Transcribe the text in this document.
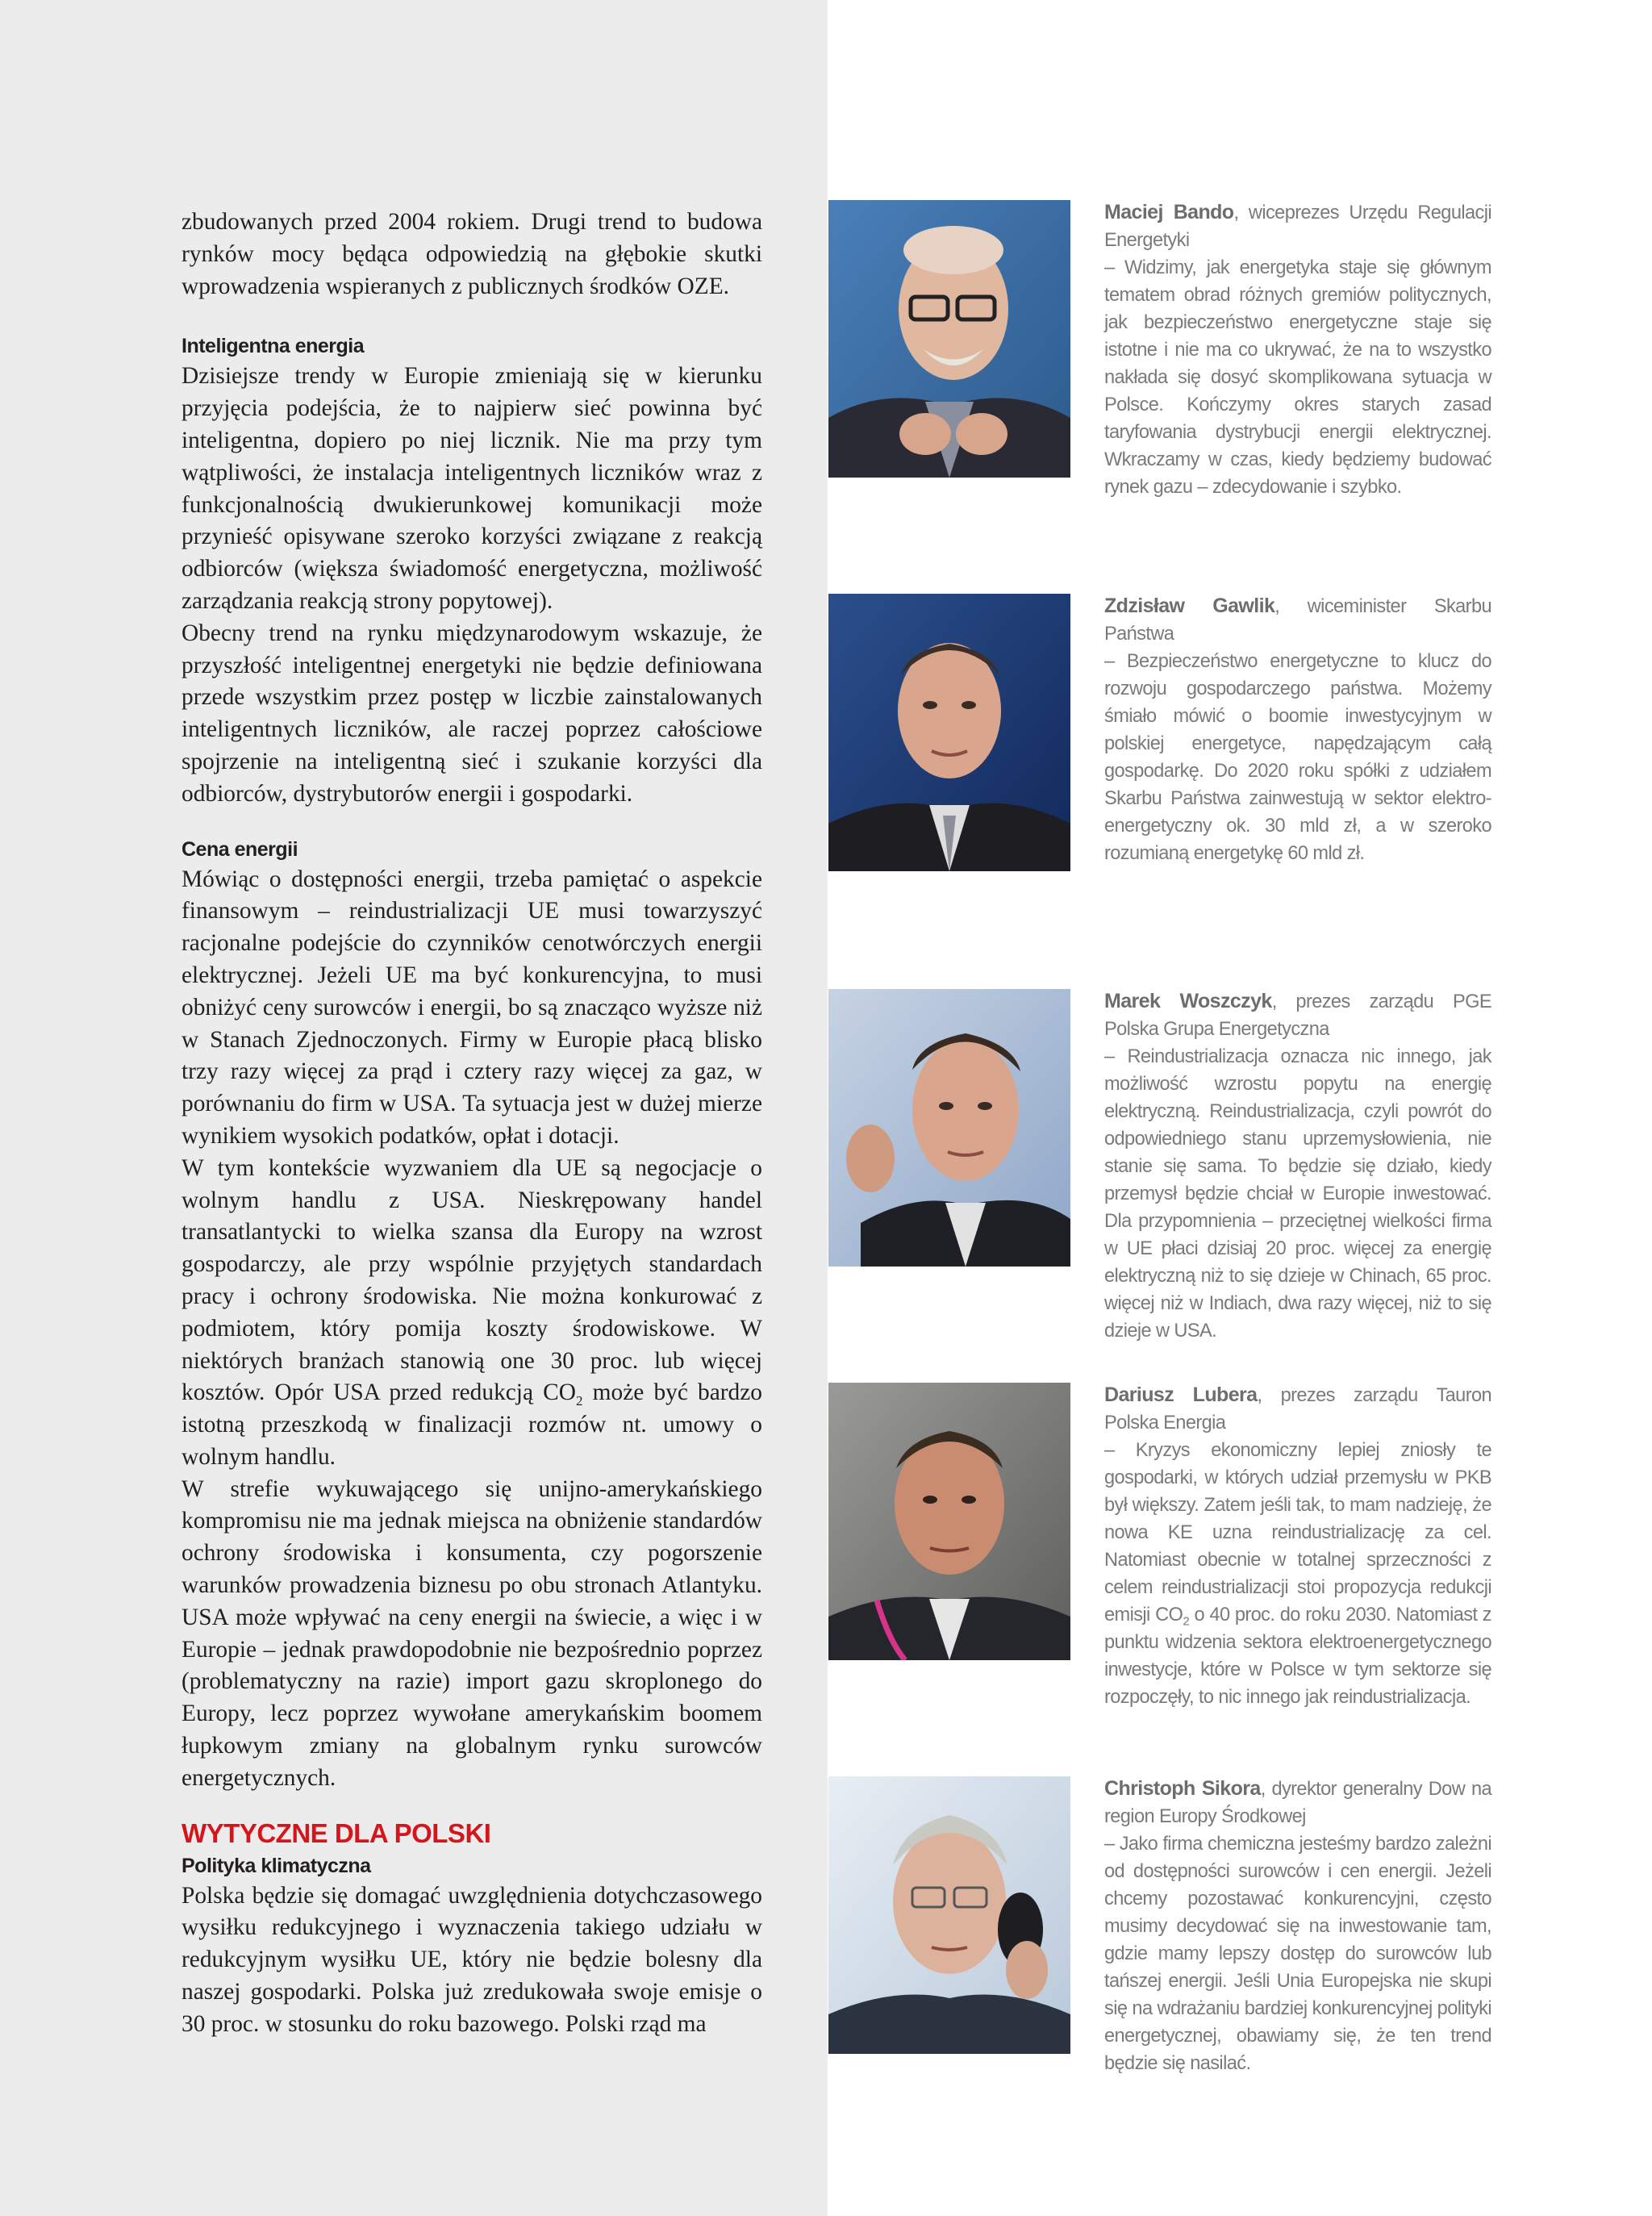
zbudowanych przed 2004 rokiem. Drugi trend to budowa rynków mocy będąca odpowiedzią na głębokie skutki wprowadzenia wspieranych z publicznych środków OZE.

Inteligentna energia

Dzisiejsze trendy w Europie zmieniają się w kierunku przyjęcia podejścia, że to najpierw sieć powinna być inteligentna, dopiero po niej licznik. Nie ma przy tym wątpliwości, że instalacja inteligentnych liczników wraz z funkcjonalnością dwukierunkowej komunikacji może przynieść opisywane szeroko korzyści związane z reakcją odbiorców (większa świadomość energetyczna, możliwość zarządzania reakcją strony popytowej).

Obecny trend na rynku międzynarodowym wskazuje, że przyszłość inteligentnej energetyki nie będzie definiowana przede wszystkim przez postęp w liczbie zainstalowanych inteligentnych liczników, ale raczej poprzez całościowe spojrzenie na inteligentną sieć i szukanie korzyści dla odbiorców, dystrybutorów energii i gospodarki.

Cena energii

Mówiąc o dostępności energii, trzeba pamiętać o aspekcie finansowym – reindustrializacji UE musi towarzyszyć racjonalne podejście do czynników cenotwórczych energii elektrycznej. Jeżeli UE ma być konkurencyjna, to musi obniżyć ceny surowców i energii, bo są znacząco wyższe niż w Stanach Zjednoczonych. Firmy w Europie płacą blisko trzy razy więcej za prąd i cztery razy więcej za gaz, w porównaniu do firm w USA. Ta sytuacja jest w dużej mierze wynikiem wysokich podatków, opłat i dotacji.

W tym kontekście wyzwaniem dla UE są negocjacje o wolnym handlu z USA. Nieskrępowany handel transatlantycki to wielka szansa dla Europy na wzrost gospodarczy, ale przy wspólnie przyjętych standardach pracy i ochrony środowiska. Nie można konkurować z podmiotem, który pomija koszty środowiskowe. W niektórych branżach stanowią one 30 proc. lub więcej kosztów. Opór USA przed redukcją $CO_2$ może być bardzo istotną przeszkodą w finalizacji rozmów nt. umowy o wolnym handlu.

W strefie wykuwającego się unijno-amerykańskiego kompromisu nie ma jednak miejsca na obniżenie standardów ochrony środowiska i konsumenta, czy pogorszenie warunków prowadzenia biznesu po obu stronach Atlantyku. USA może wpływać na ceny energii na świecie, a więc i w Europie – jednak prawdopodobnie nie bezpośrednio poprzez (problematyczny na razie) import gazu skroplonego do Europy, lecz poprzez wywołane amerykańskim boomem łupkowym zmiany na globalnym rynku surowców energetycznych.

WYTYCZNE DLA POLSKI

Polityka klimatyczna

Polska będzie się domagać uwzględnienia dotychczasowego wysiłku redukcyjnego i wyznaczenia takiego udziału w redukcyjnym wysiłku UE, który nie będzie bolesny dla naszej gospodarki. Polska już zredukowała swoje emisje o 30 proc. w stosunku do roku bazowego. Polski rząd ma

Maciej Bando, wiceprezes Urzędu Regulacji Energetyki

– Widzimy, jak energetyka staje się głównym tematem obrad różnych gremiów politycznych, jak bezpieczeństwo energetyczne staje się istotne i nie ma co ukrywać, że na to wszystko nakłada się dosyć skomplikowana sytuacja w Polsce. Kończymy okres starych zasad taryfowania dystrybucji energii elektrycznej. Wkraczamy w czas, kiedy będziemy budować rynek gazu – zdecydowanie i szybko.

Zdzisław Gawlik, wiceminister Skarbu Państwa

– Bezpieczeństwo energetyczne to klucz do rozwoju gospodarczego państwa. Możemy śmiało mówić o boomie inwestycyjnym w polskiej energetyce, napędzającym całą gospodarkę. Do 2020 roku spółki z udziałem Skarbu Państwa zainwestują w sektor elektro-energetyczny ok. 30 mld zł, a w szeroko rozumianą energetykę 60 mld zł.

Marek Woszczyk, prezes zarządu PGE Polska Grupa Energetyczna

– Reindustrializacja oznacza nic innego, jak możliwość wzrostu popytu na energię elektryczną. Reindustrializacja, czyli powrót do odpowiedniego stanu uprzemysłowienia, nie stanie się sama. To będzie się działo, kiedy przemysł będzie chciał w Europie inwestować. Dla przypomnienia – przeciętnej wielkości firma w UE płaci dzisiaj 20 proc. więcej za energię elektryczną niż to się dzieje w Chinach, 65 proc. więcej niż w Indiach, dwa razy więcej, niż to się dzieje w USA.

Dariusz Lubera, prezes zarządu Tauron Polska Energia

– Kryzys ekonomiczny lepiej zniosły te gospodarki, w których udział przemysłu w PKB był większy. Zatem jeśli tak, to mam nadzieję, że nowa KE uzna reindustrializację za cel. Natomiast obecnie w totalnej sprzeczności z celem reindustrializacji stoi propozycja redukcji emisji $CO_2$ o 40 proc. do roku 2030. Natomiast z punktu widzenia sektora elektroenergetycznego inwestycje, które w Polsce w tym sektorze się rozpoczęły, to nic innego jak reindustrializacja.

Christoph Sikora, dyrektor generalny Dow na region Europy Środkowej

– Jako firma chemiczna jesteśmy bardzo zależni od dostępności surowców i cen energii. Jeżeli chcemy pozostawać konkurencyjni, często musimy decydować się na inwestowanie tam, gdzie mamy lepszy dostęp do surowców lub tańszej energii. Jeśli Unia Europejska nie skupi się na wdrażaniu bardziej konkurencyjnej polityki energetycznej, obawiamy się, że ten trend będzie się nasilać.
